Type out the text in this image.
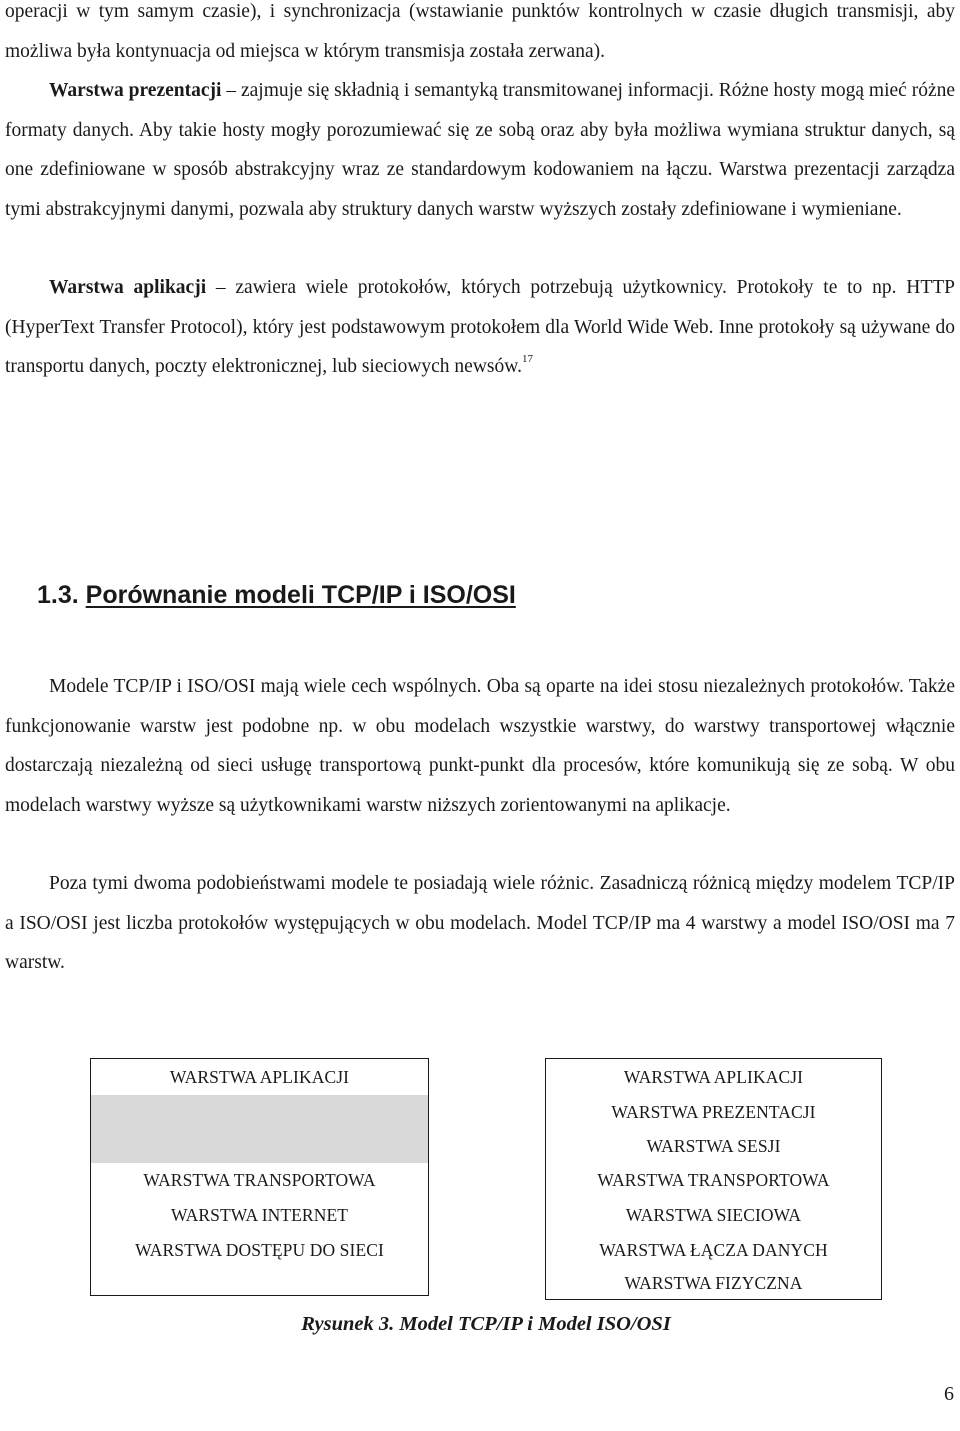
operacji w tym samym czasie), i synchronizacja (wstawianie punktów kontrolnych w czasie długich transmisji, aby możliwa była kontynuacja od miejsca w którym transmisja została zerwana).

Warstwa prezentacji – zajmuje się składnią i semantyką transmitowanej informacji. Różne hosty mogą mieć różne formaty danych. Aby takie hosty mogły porozumiewać się ze sobą oraz aby była możliwa wymiana struktur danych, są one zdefiniowane w sposób abstrakcyjny wraz ze standardowym kodowaniem na łączu. Warstwa prezentacji zarządza tymi abstrakcyjnymi danymi, pozwala aby struktury danych warstw wyższych zostały zdefiniowane i wymieniane.

Warstwa aplikacji – zawiera wiele protokołów, których potrzebują użytkownicy. Protokoły te to np. HTTP (HyperText Transfer Protocol), który jest podstawowym protokołem dla World Wide Web. Inne protokoły są używane do transportu danych, poczty elektronicznej, lub sieciowych newsów.$^{17}$

1.3. Porównanie modeli TCP/IP i ISO/OSI

Modele TCP/IP i ISO/OSI mają wiele cech wspólnych. Oba są oparte na idei stosu niezależnych protokołów. Także funkcjonowanie warstw jest podobne np. w obu modelach wszystkie warstwy, do warstwy transportowej włącznie dostarczają niezależną od sieci usługę transportową punkt-punkt dla procesów, które komunikują się ze sobą. W obu modelach warstwy wyższe są użytkownikami warstw niższych zorientowanymi na aplikacje.

Poza tymi dwoma podobieństwami modele te posiadają wiele różnic. Zasadniczą różnicą między modelem TCP/IP a ISO/OSI jest liczba protokołów występujących w obu modelach. Model TCP/IP ma 4 warstwy a model ISO/OSI ma 7 warstw.

WARSTWA APLIKACJI
WARSTWA TRANSPORTOWA
WARSTWA INTERNET
WARSTWA DOSTĘPU DO SIECI
WARSTWA APLIKACJI
WARSTWA PREZENTACJI
WARSTWA SESJI
WARSTWA TRANSPORTOWA
WARSTWA SIECIOWA
WARSTWA ŁĄCZA DANYCH
WARSTWA FIZYCZNA

Rysunek 3. Model TCP/IP i Model ISO/OSI

6
